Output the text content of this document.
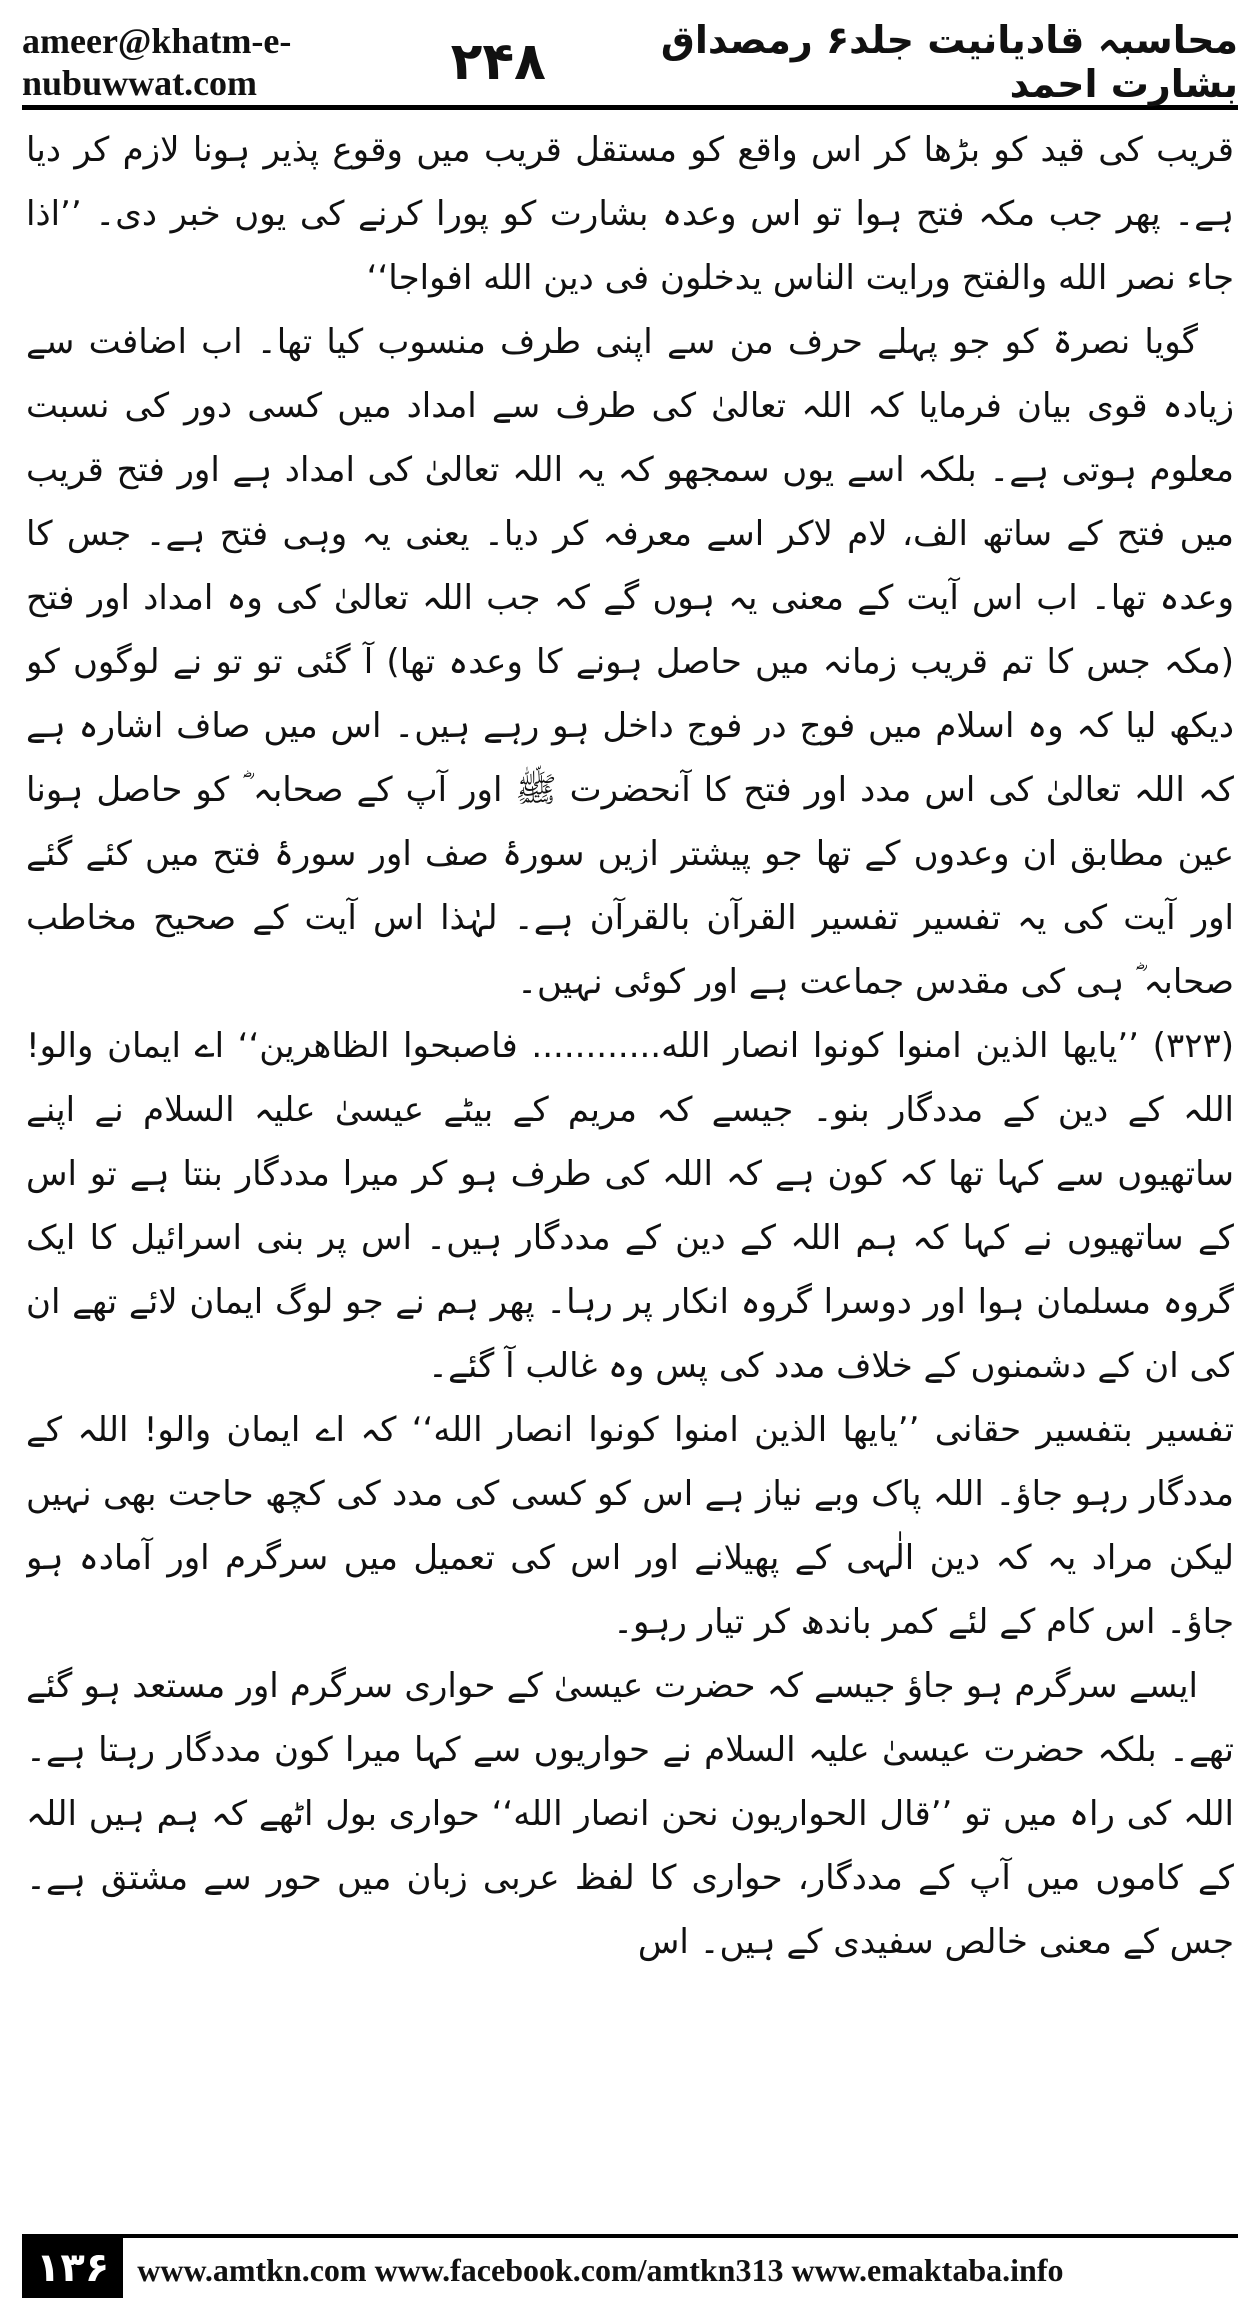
ameer@khatm-e-nubuwwat.com	۲۴۸	محاسبہ قادیانیت جلد۶ رمصداق بشارت احمد

قریب کی قید کو بڑھا کر اس واقع کو مستقل قریب میں وقوع پذیر ہونا لازم کر دیا ہے۔ پھر جب مکہ فتح ہوا تو اس وعدہ بشارت کو پورا کرنے کی یوں خبر دی۔ ’’اذا جاء نصر الله والفتح ورایت الناس یدخلون فی دین الله افواجا‘‘

گویا نصرۃ کو جو پہلے حرف من سے اپنی طرف منسوب کیا تھا۔ اب اضافت سے زیادہ قوی بیان فرمایا کہ اللہ تعالیٰ کی طرف سے امداد میں کسی دور کی نسبت معلوم ہوتی ہے۔ بلکہ اسے یوں سمجھو کہ یہ اللہ تعالیٰ کی امداد ہے اور فتح قریب میں فتح کے ساتھ الف، لام لاکر اسے معرفہ کر دیا۔ یعنی یہ وہی فتح ہے۔ جس کا وعدہ تھا۔ اب اس آیت کے معنی یہ ہوں گے کہ جب اللہ تعالیٰ کی وہ امداد اور فتح (مکہ جس کا تم قریب زمانہ میں حاصل ہونے کا وعدہ تھا) آ گئی تو تو نے لوگوں کو دیکھ لیا کہ وہ اسلام میں فوج در فوج داخل ہو رہے ہیں۔ اس میں صاف اشارہ ہے کہ اللہ تعالیٰ کی اس مدد اور فتح کا آنحضرت ﷺ اور آپ کے صحابہ ؓ کو حاصل ہونا عین مطابق ان وعدوں کے تھا جو پیشتر ازیں سورۂ صف اور سورۂ فتح میں کئے گئے اور آیت کی یہ تفسیر تفسیر القرآن بالقرآن ہے۔ لہٰذا اس آیت کے صحیح مخاطب صحابہ ؓ ہی کی مقدس جماعت ہے اور کوئی نہیں۔

(۳۲۳) ’’یایھا الذین امنوا کونوا انصار الله............ فاصبحوا الظاھرین‘‘ اے ایمان والو! اللہ کے دین کے مددگار بنو۔ جیسے کہ مریم کے بیٹے عیسیٰ علیہ السلام نے اپنے ساتھیوں سے کہا تھا کہ کون ہے کہ اللہ کی طرف ہو کر میرا مددگار بنتا ہے تو اس کے ساتھیوں نے کہا کہ ہم اللہ کے دین کے مددگار ہیں۔ اس پر بنی اسرائیل کا ایک گروہ مسلمان ہوا اور دوسرا گروہ انکار پر رہا۔ پھر ہم نے جو لوگ ایمان لائے تھے ان کی ان کے دشمنوں کے خلاف مدد کی پس وہ غالب آ گئے۔

تفسیر بتفسیر حقانی ’’یایھا الذین امنوا کونوا انصار الله‘‘ کہ اے ایمان والو! اللہ کے مددگار رہو جاؤ۔ اللہ پاک وبے نیاز ہے اس کو کسی کی مدد کی کچھ حاجت بھی نہیں لیکن مراد یہ کہ دین الٰہی کے پھیلانے اور اس کی تعمیل میں سرگرم اور آمادہ ہو جاؤ۔ اس کام کے لئے کمر باندھ کر تیار رہو۔

ایسے سرگرم ہو جاؤ جیسے کہ حضرت عیسیٰ کے حواری سرگرم اور مستعد ہو گئے تھے۔ بلکہ حضرت عیسیٰ علیہ السلام نے حواریوں سے کہا میرا کون مددگار رہتا ہے۔ اللہ کی راہ میں تو ’’قال الحواریون نحن انصار الله‘‘ حواری بول اٹھے کہ ہم ہیں اللہ کے کاموں میں آپ کے مددگار، حواری کا لفظ عربی زبان میں حور سے مشتق ہے۔ جس کے معنی خالص سفیدی کے ہیں۔ اس

۱۳۶ www.amtkn.com www.facebook.com/amtkn313 www.emaktaba.info
